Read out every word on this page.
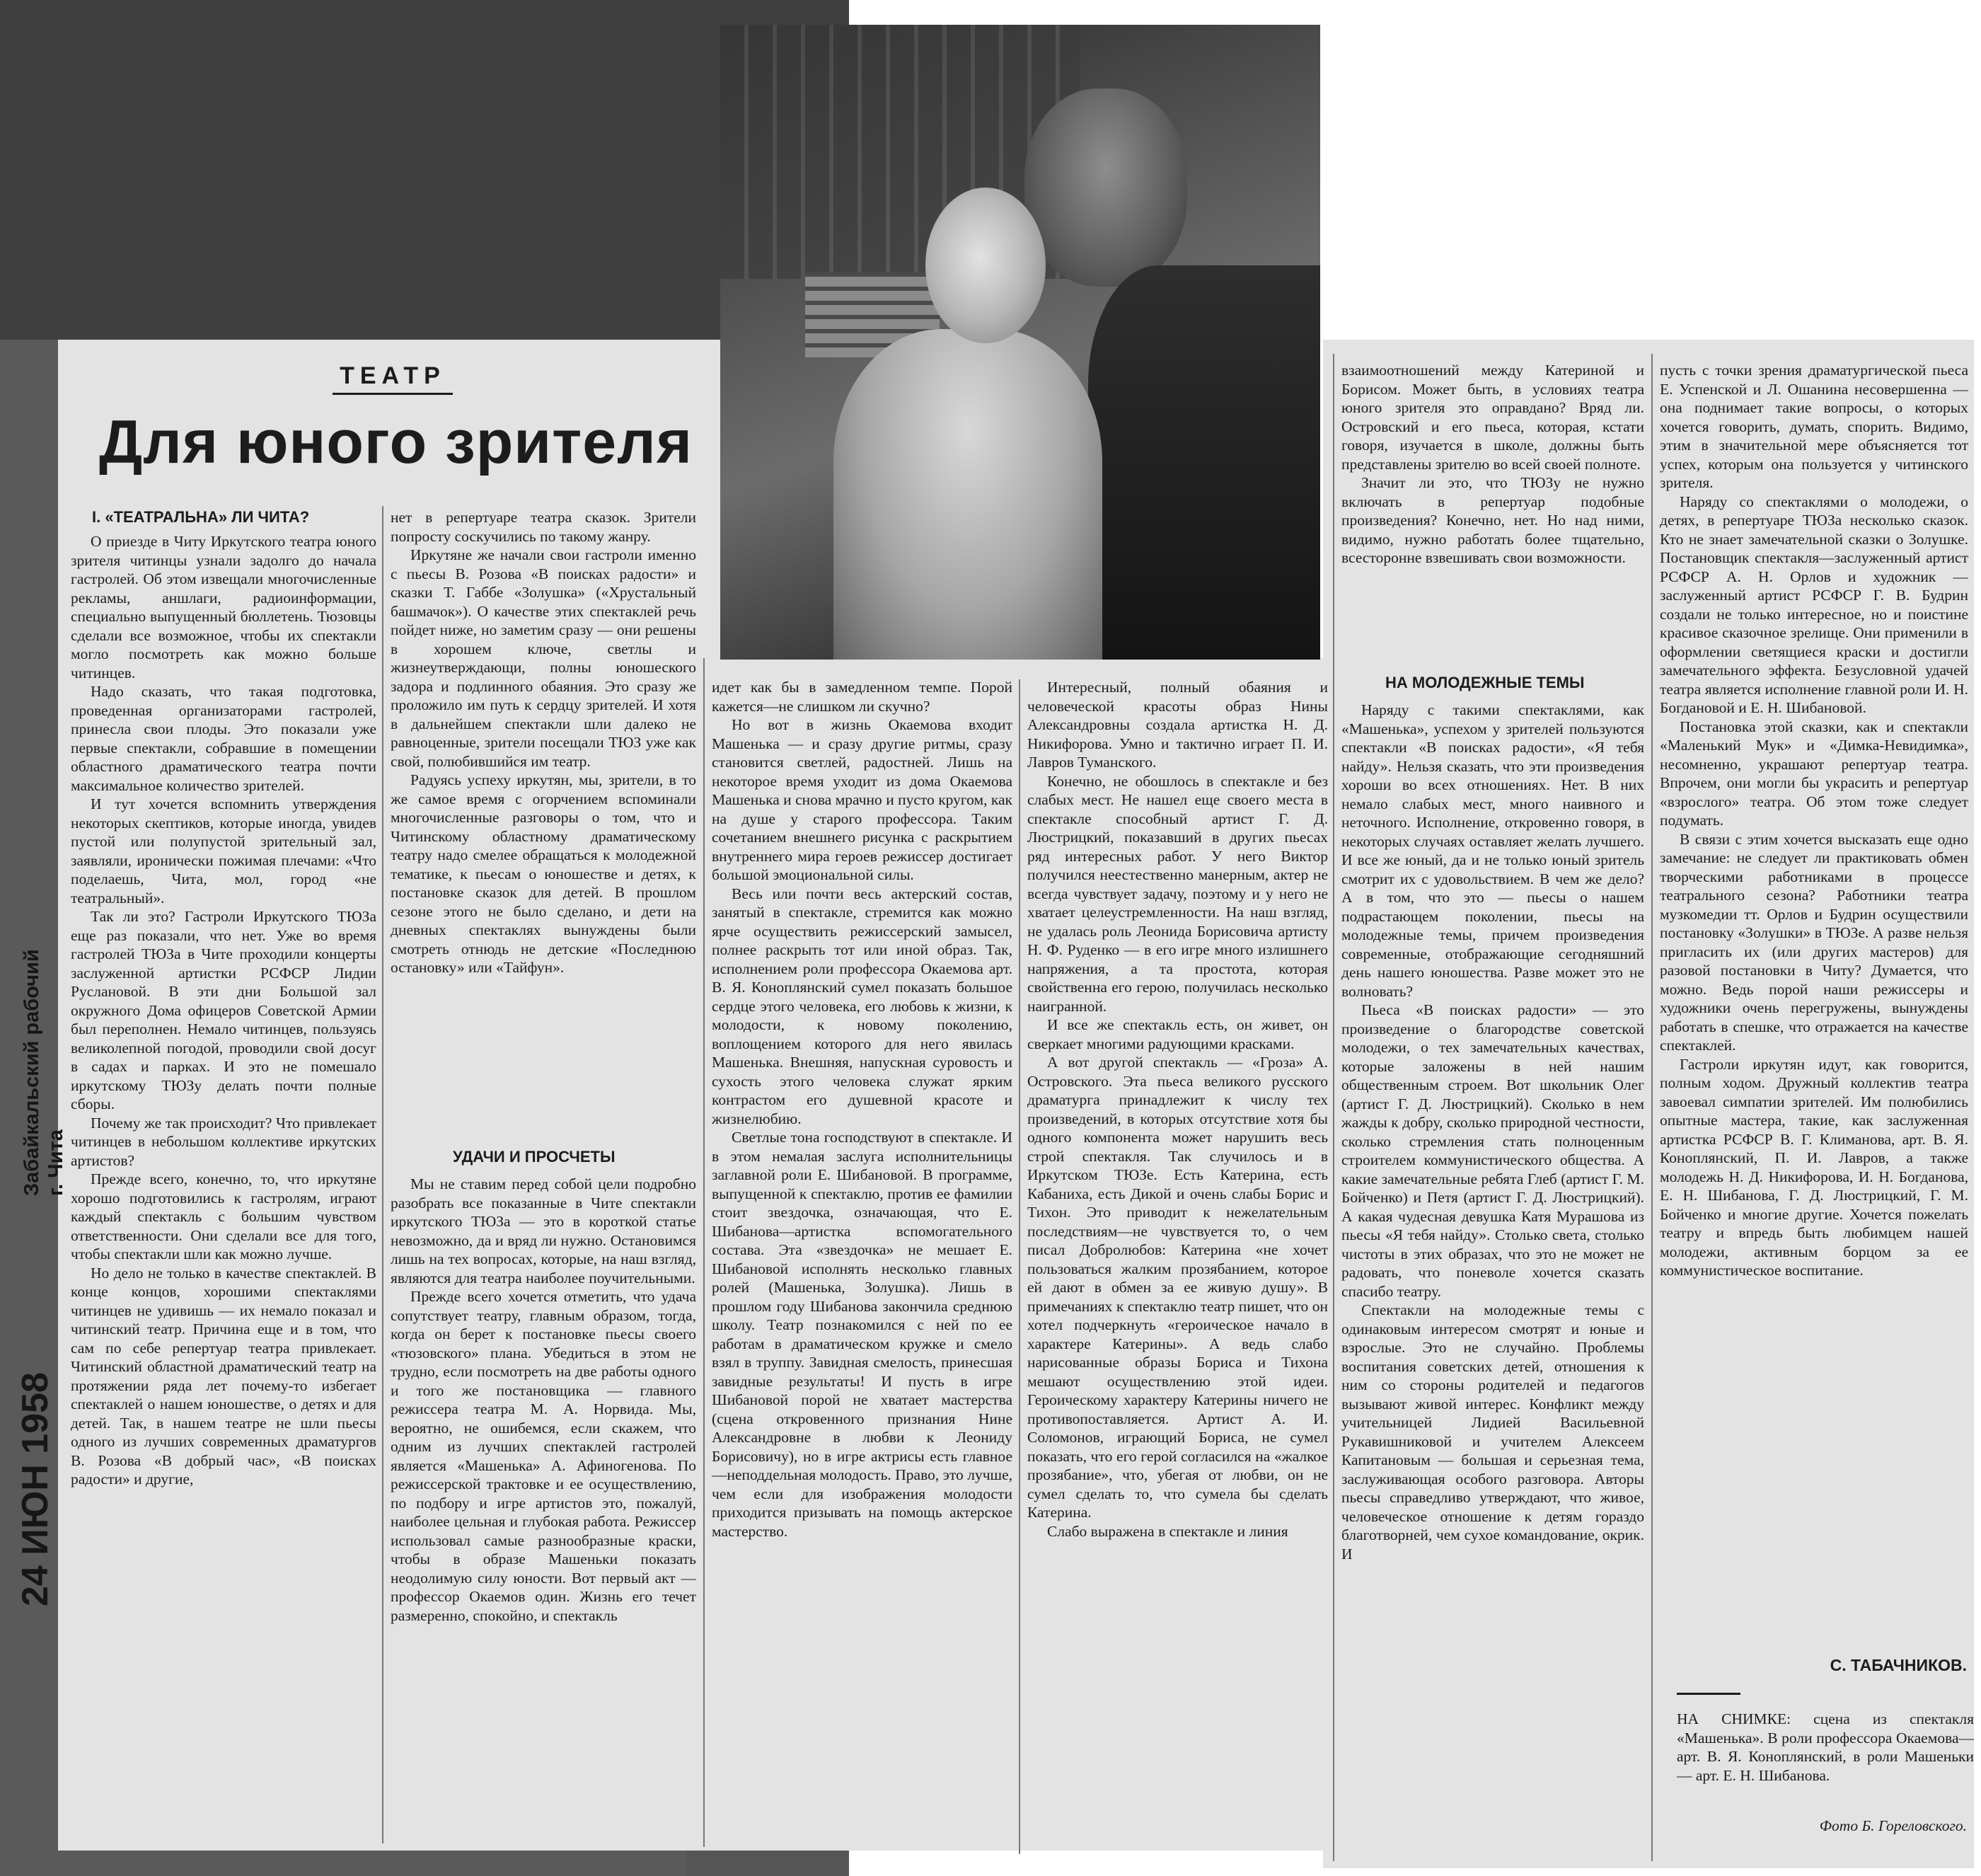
Забайкальский рабочий г. Чита
ТЕАТР
Для юного зрителя
I. «ТЕАТРАЛЬНА» ЛИ ЧИТА?

О приезде в Читу Иркутского театра юного зрителя читинцы узнали задолго до начала гастролей. Об этом извещали многочисленные рекламы, аншлаги, радиоинформации, специально выпущенный бюллетень. Тюзовцы сделали все возможное, чтобы их спектакли могло посмотреть как можно больше читинцев.

Надо сказать, что такая подготовка, проведенная организаторами гастролей, принесла свои плоды. Это показали уже первые спектакли, собравшие в помещении областного драматического театра почти максимальное количество зрителей.

И тут хочется вспомнить утверждения некоторых скептиков, которые иногда, увидев пустой или полупустой зрительный зал, заявляли, иронически пожимая плечами: «Что поделаешь, Чита, мол, город «не театральный».

Так ли это? Гастроли Иркутского ТЮЗа еще раз показали, что нет. Уже во время гастролей ТЮЗа в Чите проходили концерты заслуженной артистки РСФСР Лидии Руслановой. В эти дни Большой зал окружного Дома офицеров Советской Армии был переполнен. Немало читинцев, пользуясь великолепной погодой, проводили свой досуг в садах и парках. И это не помешало иркутскому ТЮЗу делать почти полные сборы.

Почему же так происходит? Что привлекает читинцев в небольшом коллективе иркутских артистов?

Прежде всего, конечно, то, что иркутяне хорошо подготовились к гастролям, играют каждый спектакль с большим чувством ответственности. Они сделали все для того, чтобы спектакли шли как можно лучше.

Но дело не только в качестве спектаклей. В конце концов, хорошими спектаклями читинцев не удивишь — их немало показал и читинский театр. Причина еще и в том, что сам по себе репертуар театра привлекает. Читинский областной драматический театр на протяжении ряда лет почему-то избегает спектаклей о нашем юношестве, о детях и для детей. Так, в нашем театре не шли пьесы одного из лучших современных драматургов В. Розова «В добрый час», «В поисках радости» и другие,

нет в репертуаре театра сказок. Зрители попросту соскучились по такому жанру.

Иркутяне же начали свои гастроли именно с пьесы В. Розова «В поисках радости» и сказки Т. Габбе «Золушка» («Хрустальный башмачок»). О качестве этих спектаклей речь пойдет ниже, но заметим сразу — они решены в хорошем ключе, светлы и жизнеутверждающи, полны юношеского задора и подлинного обаяния. Это сразу же проложило им путь к сердцу зрителей. И хотя в дальнейшем спектакли шли далеко не равноценные, зрители посещали ТЮЗ уже как свой, полюбившийся им театр.

Радуясь успеху иркутян, мы, зрители, в то же самое время с огорчением вспоминали многочисленные разговоры о том, что и Читинскому областному драматическому театру надо смелее обращаться к молодежной тематике, к пьесам о юношестве и детях, к постановке сказок для детей. В прошлом сезоне этого не было сделано, и дети на дневных спектаклях вынуждены были смотреть отнюдь не детские «Последнюю остановку» или «Тайфун».

УДАЧИ И ПРОСЧЕТЫ

Мы не ставим перед собой цели подробно разобрать все показанные в Чите спектакли иркутского ТЮЗа — это в короткой статье невозможно, да и вряд ли нужно. Остановимся лишь на тех вопросах, которые, на наш взгляд, являются для театра наиболее поучительными.

Прежде всего хочется отметить, что удача сопутствует театру, главным образом, тогда, когда он берет к постановке пьесы своего «тюзовского» плана. Убедиться в этом не трудно, если посмотреть на две работы одного и того же постановщика — главного режиссера театра М. А. Норвида. Мы, вероятно, не ошибемся, если скажем, что одним из лучших спектаклей гастролей является «Машенька» А. Афиногенова. По режиссерской трактовке и ее осуществлению, по подбору и игре артистов это, пожалуй, наиболее цельная и глубокая работа. Режиссер использовал самые разнообразные краски, чтобы в образе Машеньки показать неодолимую силу юности. Вот первый акт — профессор Окаемов один. Жизнь его течет размеренно, спокойно, и спектакль

идет как бы в замедленном темпе. Порой кажется—не слишком ли скучно?

Но вот в жизнь Окаемова входит Машенька — и сразу другие ритмы, сразу становится светлей, радостней. Лишь на некоторое время уходит из дома Окаемова Машенька и снова мрачно и пусто кругом, как на душе у старого профессора. Таким сочетанием внешнего рисунка с раскрытием внутреннего мира героев режиссер достигает большой эмоциональной силы.

Весь или почти весь актерский состав, занятый в спектакле, стремится как можно ярче осуществить режиссерский замысел, полнее раскрыть тот или иной образ. Так, исполнением роли профессора Окаемова арт. В. Я. Коноплянский сумел показать большое сердце этого человека, его любовь к жизни, к молодости, к новому поколению, воплощением которого для него явилась Машенька. Внешняя, напускная суровость и сухость этого человека служат ярким контрастом его душевной красоте и жизнелюбию.

Светлые тона господствуют в спектакле. И в этом немалая заслуга исполнительницы заглавной роли Е. Шибановой. В программе, выпущенной к спектаклю, против ее фамилии стоит звездочка, означающая, что Е. Шибанова—артистка вспомогательного состава. Эта «звездочка» не мешает Е. Шибановой исполнять несколько главных ролей (Машенька, Золушка). Лишь в прошлом году Шибанова закончила среднюю школу. Театр познакомился с ней по ее работам в драматическом кружке и смело взял в труппу. Завидная смелость, принесшая завидные результаты! И пусть в игре Шибановой порой не хватает мастерства (сцена откровенного признания Нине Александровне в любви к Леониду Борисовичу), но в игре актрисы есть главное—неподдельная молодость. Право, это лучше, чем если для изображения молодости приходится призывать на помощь актерское мастерство.

Интересный, полный обаяния и человеческой красоты образ Нины Александровны создала артистка Н. Д. Никифорова. Умно и тактично играет П. И. Лавров Туманского.

Конечно, не обошлось в спектакле и без слабых мест. Не нашел еще своего места в спектакле способный артист Г. Д. Люстрицкий, показавший в других пьесах ряд интересных работ. У него Виктор получился неестественно манерным, актер не всегда чувствует задачу, поэтому и у него не хватает целеустремленности. На наш взгляд, не удалась роль Леонида Борисовича артисту Н. Ф. Руденко — в его игре много излишнего напряжения, а та простота, которая свойственна его герою, получилась несколько наигранной.

И все же спектакль есть, он живет, он сверкает многими радующими красками.

А вот другой спектакль — «Гроза» А. Островского. Эта пьеса великого русского драматурга принадлежит к числу тех произведений, в которых отсутствие хотя бы одного компонента может нарушить весь строй спектакля. Так случилось и в Иркутском ТЮЗе. Есть Катерина, есть Кабаниха, есть Дикой и очень слабы Борис и Тихон. Это приводит к нежелательным последствиям—не чувствуется то, о чем писал Добролюбов: Катерина «не хочет пользоваться жалким прозябанием, которое ей дают в обмен за ее живую душу». В примечаниях к спектаклю театр пишет, что он хотел подчеркнуть «героическое начало в характере Катерины». А ведь слабо нарисованные образы Бориса и Тихона мешают осуществлению этой идеи. Героическому характеру Катерины ничего не противопоставляется. Артист А. И. Соломонов, играющий Бориса, не сумел показать, что его герой согласился на «жалкое прозябание», что, убегая от любви, он не сумел сделать то, что сумела бы сделать Катерина.

Слабо выражена в спектакле и линия

взаимоотношений между Катериной и Борисом. Может быть, в условиях театра юного зрителя это оправдано? Вряд ли. Островский и его пьеса, которая, кстати говоря, изучается в школе, должны быть представлены зрителю во всей своей полноте.

Значит ли это, что ТЮЗу не нужно включать в репертуар подобные произведения? Конечно, нет. Но над ними, видимо, нужно работать более тщательно, всесторонне взвешивать свои возможности.

НА МОЛОДЕЖНЫЕ ТЕМЫ

Наряду с такими спектаклями, как «Машенька», успехом у зрителей пользуются спектакли «В поисках радости», «Я тебя найду». Нельзя сказать, что эти произведения хороши во всех отношениях. Нет. В них немало слабых мест, много наивного и неточного. Исполнение, откровенно говоря, в некоторых случаях оставляет желать лучшего. И все же юный, да и не только юный зритель смотрит их с удовольствием. В чем же дело? А в том, что это — пьесы о нашем подрастающем поколении, пьесы на молодежные темы, причем произведения современные, отображающие сегодняшний день нашего юношества. Разве может это не волновать?

Пьеса «В поисках радости» — это произведение о благородстве советской молодежи, о тех замечательных качествах, которые заложены в ней нашим общественным строем. Вот школьник Олег (артист Г. Д. Люстрицкий). Сколько в нем жажды к добру, сколько природной честности, сколько стремления стать полноценным строителем коммунистического общества. А какие замечательные ребята Глеб (артист Г. М. Бойченко) и Петя (артист Г. Д. Люстрицкий). А какая чудесная девушка Катя Мурашова из пьесы «Я тебя найду». Столько света, столько чистоты в этих образах, что это не может не радовать, что поневоле хочется сказать спасибо театру.

Спектакли на молодежные темы с одинаковым интересом смотрят и юные и взрослые. Это не случайно. Проблемы воспитания советских детей, отношения к ним со стороны родителей и педагогов вызывают живой интерес. Конфликт между учительницей Лидией Васильевной Рукавишниковой и учителем Алексеем Капитановым — большая и серьезная тема, заслуживающая особого разговора. Авторы пьесы справедливо утверждают, что живое, человеческое отношение к детям гораздо благотворней, чем сухое командование, окрик. И

пусть с точки зрения драматургической пьеса Е. Успенской и Л. Ошанина несовершенна — она поднимает такие вопросы, о которых хочется говорить, думать, спорить. Видимо, этим в значительной мере объясняется тот успех, которым она пользуется у читинского зрителя.

Наряду со спектаклями о молодежи, о детях, в репертуаре ТЮЗа несколько сказок. Кто не знает замечательной сказки о Золушке. Постановщик спектакля—заслуженный артист РСФСР А. Н. Орлов и художник — заслуженный артист РСФСР Г. В. Будрин создали не только интересное, но и поистине красивое сказочное зрелище. Они применили в оформлении светящиеся краски и достигли замечательного эффекта. Безусловной удачей театра является исполнение главной роли И. Н. Богдановой и Е. Н. Шибановой.

Постановка этой сказки, как и спектакли «Маленький Мук» и «Димка-Невидимка», несомненно, украшают репертуар театра. Впрочем, они могли бы украсить и репертуар «взрослого» театра. Об этом тоже следует подумать.

В связи с этим хочется высказать еще одно замечание: не следует ли практиковать обмен творческими работниками в процессе театрального сезона? Работники театра музкомедии тт. Орлов и Будрин осуществили постановку «Золушки» в ТЮЗе. А разве нельзя пригласить их (или других мастеров) для разовой постановки в Читу? Думается, что можно. Ведь порой наши режиссеры и художники очень перегружены, вынуждены работать в спешке, что отражается на качестве спектаклей.

Гастроли иркутян идут, как говорится, полным ходом. Дружный коллектив театра завоевал симпатии зрителей. Им полюбились опытные мастера, такие, как заслуженная артистка РСФСР В. Г. Климанова, арт. В. Я. Коноплянский, П. И. Лавров, а также молодежь Н. Д. Никифорова, И. Н. Богданова, Е. Н. Шибанова, Г. Д. Люстрицкий, Г. М. Бойченко и многие другие. Хочется пожелать театру и впредь быть любимцем нашей молодежи, активным борцом за ее коммунистическое воспитание.

С. ТАБАЧНИКОВ.
НА СНИМКЕ: сцена из спектакля «Машенька». В роли профессора Окаемова—арт. В. Я. Коноплянский, в роли Машеньки — арт. Е. Н. Шибанова.
Фото Б. Гореловского.
